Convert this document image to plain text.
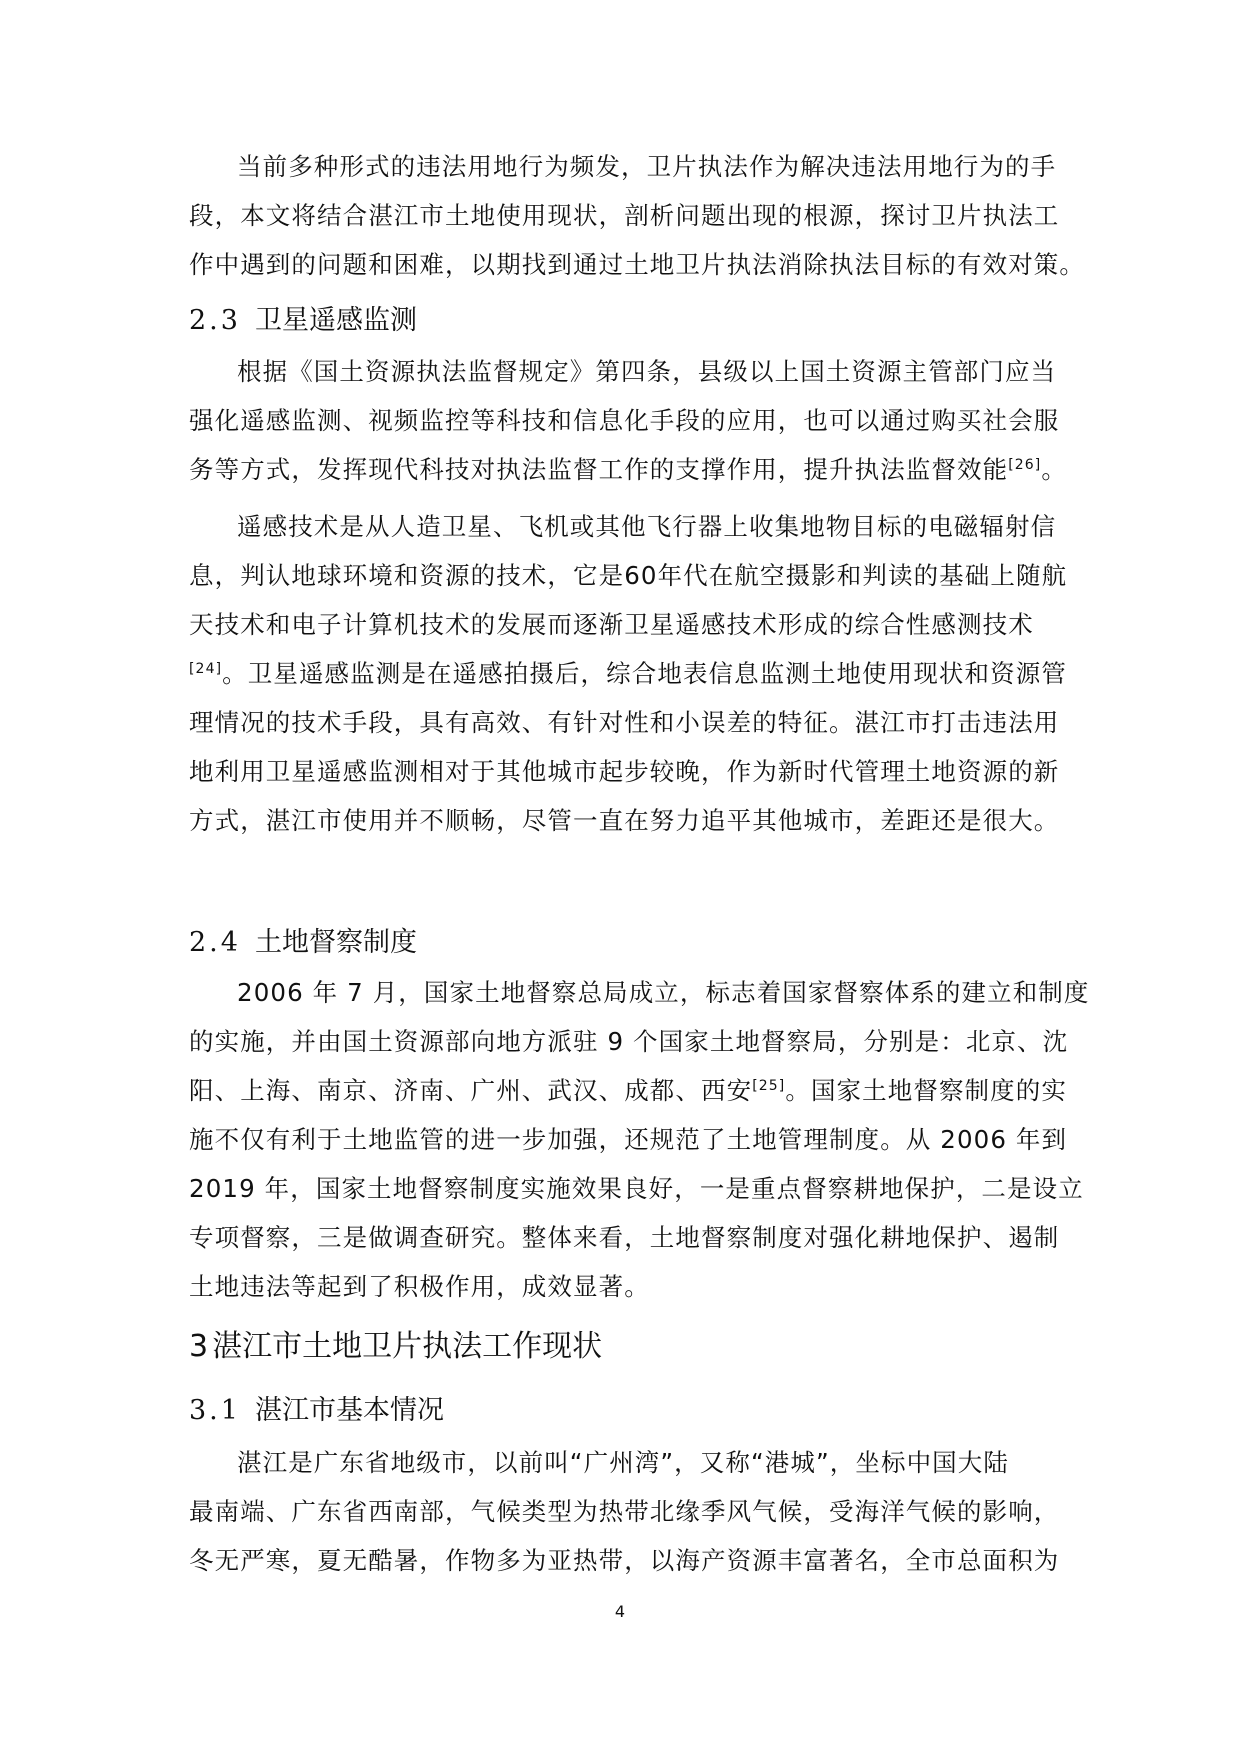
当前多种形式的违法用地行为频发，卫片执法作为解决违法用地行为的手
段，本文将结合湛江市土地使用现状，剖析问题出现的根源，探讨卫片执法工
作中遇到的问题和困难，以期找到通过土地卫片执法消除执法目标的有效对策。
2.3 卫星遥感监测
根据《国土资源执法监督规定》第四条，县级以上国土资源主管部门应当
强化遥感监测、视频监控等科技和信息化手段的应用，也可以通过购买社会服
务等方式，发挥现代科技对执法监督工作的支撑作用，提升执法监督效能[26]。
遥感技术是从人造卫星、飞机或其他飞行器上收集地物目标的电磁辐射信
息，判认地球环境和资源的技术，它是60年代在航空摄影和判读的基础上随航
天技术和电子计算机技术的发展而逐渐卫星遥感技术形成的综合性感测技术
[24]。卫星遥感监测是在遥感拍摄后，综合地表信息监测土地使用现状和资源管
理情况的技术手段，具有高效、有针对性和小误差的特征。湛江市打击违法用
地利用卫星遥感监测相对于其他城市起步较晚，作为新时代管理土地资源的新
方式，湛江市使用并不顺畅，尽管一直在努力追平其他城市，差距还是很大。
2.4 土地督察制度
2006 年 7 月，国家土地督察总局成立，标志着国家督察体系的建立和制度
的实施，并由国土资源部向地方派驻 9 个国家土地督察局，分别是：北京、沈
阳、上海、南京、济南、广州、武汉、成都、西安[25]。国家土地督察制度的实
施不仅有利于土地监管的进一步加强，还规范了土地管理制度。从 2006 年到
2019 年，国家土地督察制度实施效果良好，一是重点督察耕地保护，二是设立
专项督察，三是做调查研究。整体来看，土地督察制度对强化耕地保护、遏制
土地违法等起到了积极作用，成效显著。
3 湛江市土地卫片执法工作现状
3.1 湛江市基本情况
湛江是广东省地级市，以前叫“广州湾”，又称“港城”，坐标中国大陆
最南端、广东省西南部，气候类型为热带北缘季风气候，受海洋气候的影响，
冬无严寒，夏无酷暑，作物多为亚热带，以海产资源丰富著名，全市总面积为
4
